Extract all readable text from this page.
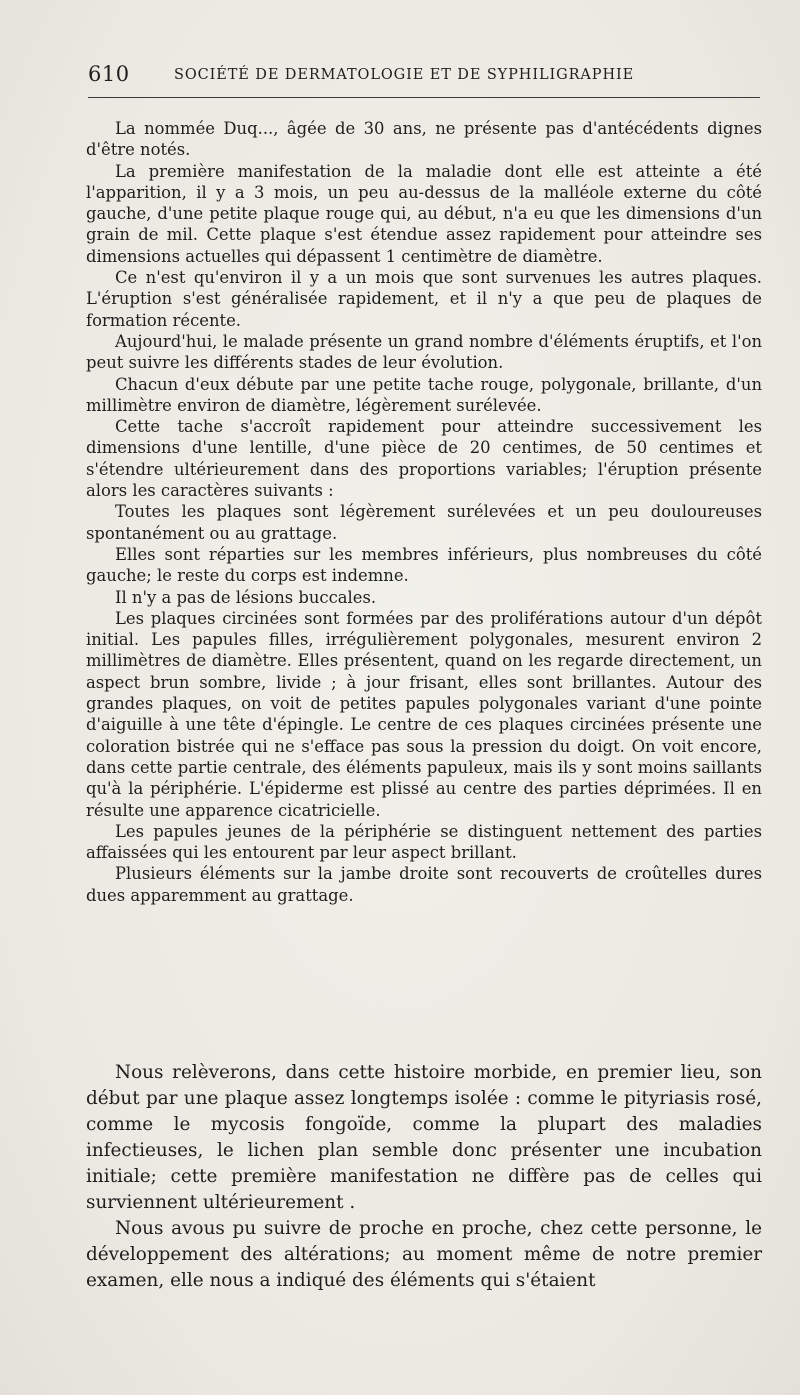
610	SOCIÉTÉ DE DERMATOLOGIE ET DE SYPHILIGRAPHIE

La nommée Duq..., âgée de 30 ans, ne présente pas d'antécédents dignes d'être notés.

La première manifestation de la maladie dont elle est atteinte a été l'apparition, il y a 3 mois, un peu au-dessus de la malléole externe du côté gauche, d'une petite plaque rouge qui, au début, n'a eu que les dimensions d'un grain de mil. Cette plaque s'est étendue assez rapidement pour atteindre ses dimensions actuelles qui dépassent 1 centimètre de diamètre.

Ce n'est qu'environ il y a un mois que sont survenues les autres plaques. L'éruption s'est généralisée rapidement, et il n'y a que peu de plaques de formation récente.

Aujourd'hui, le malade présente un grand nombre d'éléments éruptifs, et l'on peut suivre les différents stades de leur évolution.

Chacun d'eux débute par une petite tache rouge, polygonale, brillante, d'un millimètre environ de diamètre, légèrement surélevée.

Cette tache s'accroît rapidement pour atteindre successivement les dimensions d'une lentille, d'une pièce de 20 centimes, de 50 centimes et s'étendre ultérieurement dans des proportions variables; l'éruption présente alors les caractères suivants :

Toutes les plaques sont légèrement surélevées et un peu douloureuses spontanément ou au grattage.

Elles sont réparties sur les membres inférieurs, plus nombreuses du côté gauche; le reste du corps est indemne.

Il n'y a pas de lésions buccales.

Les plaques circinées sont formées par des proliférations autour d'un dépôt initial. Les papules filles, irrégulièrement polygonales, mesurent environ 2 millimètres de diamètre. Elles présentent, quand on les regarde directement, un aspect brun sombre, livide ; à jour frisant, elles sont brillantes. Autour des grandes plaques, on voit de petites papules polygonales variant d'une pointe d'aiguille à une tête d'épingle. Le centre de ces plaques circinées présente une coloration bistrée qui ne s'efface pas sous la pression du doigt. On voit encore, dans cette partie centrale, des éléments papuleux, mais ils y sont moins saillants qu'à la périphérie. L'épiderme est plissé au centre des parties déprimées. Il en résulte une apparence cicatricielle.

Les papules jeunes de la périphérie se distinguent nettement des parties affaissées qui les entourent par leur aspect brillant.

Plusieurs éléments sur la jambe droite sont recouverts de croûtelles dures dues apparemment au grattage.

Nous relèverons, dans cette histoire morbide, en premier lieu, son début par une plaque assez longtemps isolée : comme le pityriasis rosé, comme le mycosis fongoïde, comme la plupart des maladies infectieuses, le lichen plan semble donc présenter une incubation initiale; cette première manifestation ne diffère pas de celles qui surviennent ultérieurement .

Nous avous pu suivre de proche en proche, chez cette personne, le développement des altérations; au moment même de notre premier examen, elle nous a indiqué des éléments qui s'étaient
